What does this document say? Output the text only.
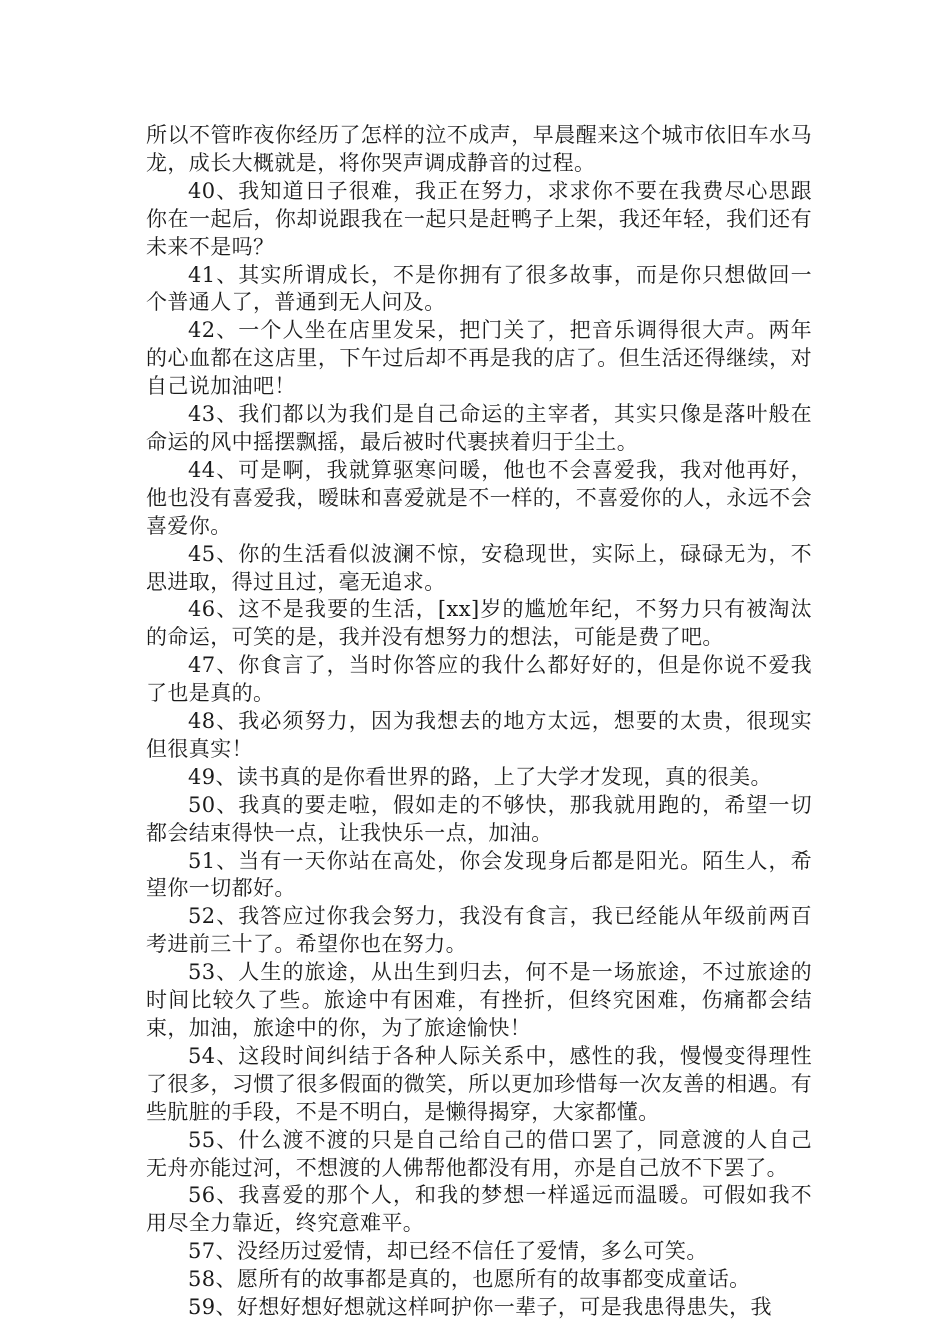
所以不管昨夜你经历了怎样的泣不成声，早晨醒来这个城市依旧车水马龙，成长大概就是，将你哭声调成静音的过程。

40、我知道日子很难，我正在努力，求求你不要在我费尽心思跟你在一起后，你却说跟我在一起只是赶鸭子上架，我还年轻，我们还有未来不是吗？

41、其实所谓成长，不是你拥有了很多故事，而是你只想做回一个普通人了，普通到无人问及。

42、一个人坐在店里发呆，把门关了，把音乐调得很大声。两年的心血都在这店里，下午过后却不再是我的店了。但生活还得继续，对自己说加油吧！

43、我们都以为我们是自己命运的主宰者，其实只像是落叶般在命运的风中摇摆飘摇，最后被时代裹挟着归于尘土。

44、可是啊，我就算驱寒问暖，他也不会喜爱我，我对他再好，他也没有喜爱我，暧昧和喜爱就是不一样的，不喜爱你的人，永远不会喜爱你。

45、你的生活看似波澜不惊，安稳现世，实际上，碌碌无为，不思进取，得过且过，毫无追求。

46、这不是我要的生活，[xx]岁的尴尬年纪，不努力只有被淘汰的命运，可笑的是，我并没有想努力的想法，可能是费了吧。

47、你食言了，当时你答应的我什么都好好的，但是你说不爱我了也是真的。

48、我必须努力，因为我想去的地方太远，想要的太贵，很现实但很真实！

49、读书真的是你看世界的路，上了大学才发现，真的很美。

50、我真的要走啦，假如走的不够快，那我就用跑的，希望一切都会结束得快一点，让我快乐一点，加油。

51、当有一天你站在高处，你会发现身后都是阳光。陌生人，希望你一切都好。

52、我答应过你我会努力，我没有食言，我已经能从年级前两百考进前三十了。希望你也在努力。

53、人生的旅途，从出生到归去，何不是一场旅途，不过旅途的时间比较久了些。旅途中有困难，有挫折，但终究困难，伤痛都会结束，加油，旅途中的你，为了旅途愉快！

54、这段时间纠结于各种人际关系中，感性的我，慢慢变得理性了很多，习惯了很多假面的微笑，所以更加珍惜每一次友善的相遇。有些肮脏的手段，不是不明白，是懒得揭穿，大家都懂。

55、什么渡不渡的只是自己给自己的借口罢了，同意渡的人自己无舟亦能过河，不想渡的人佛帮他都没有用，亦是自己放不下罢了。

56、我喜爱的那个人，和我的梦想一样遥远而温暖。可假如我不用尽全力靠近，终究意难平。

57、没经历过爱情，却已经不信任了爱情，多么可笑。

58、愿所有的故事都是真的，也愿所有的故事都变成童话。

59、好想好想好想就这样呵护你一辈子，可是我患得患失，我
